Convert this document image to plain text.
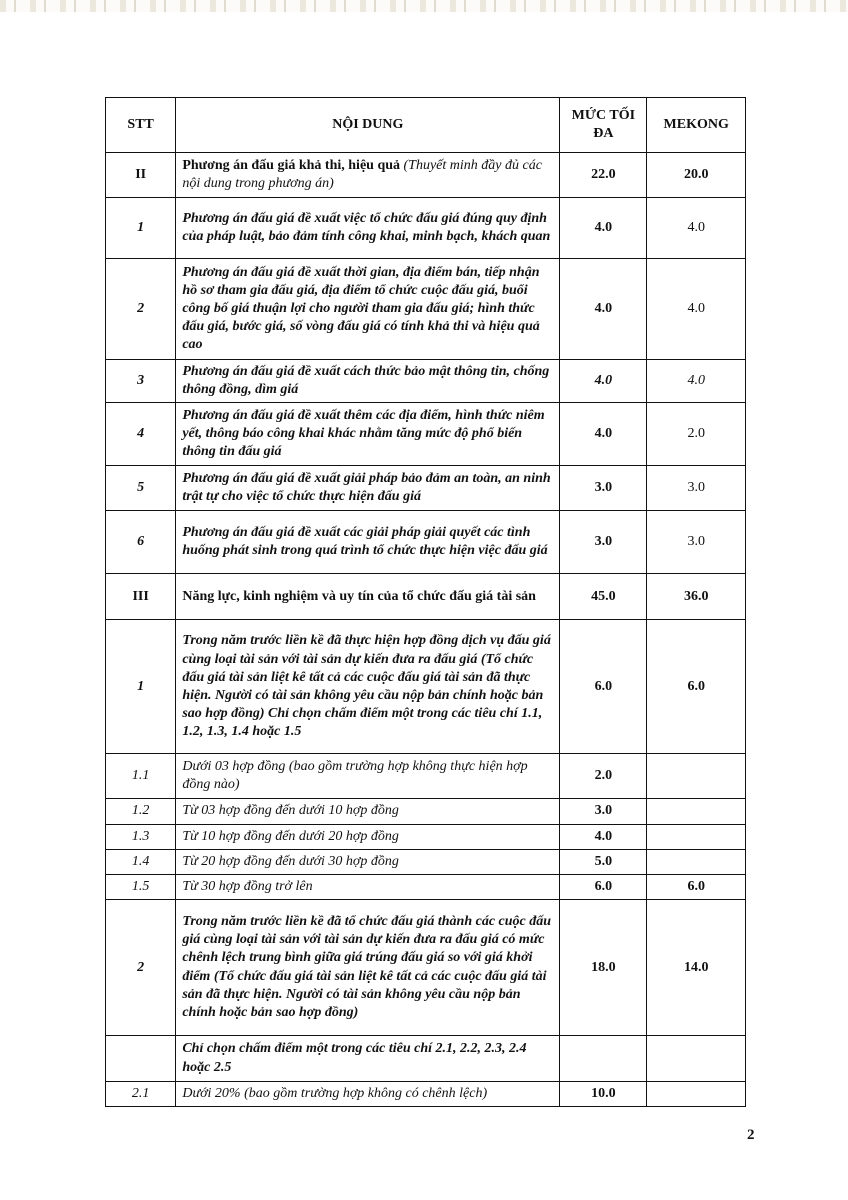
STT	NỘI DUNG	MỨC TỐI ĐA	MEKONG
II	Phương án đấu giá khả thi, hiệu quả (Thuyết minh đầy đủ các nội dung trong phương án)	22.0	20.0
1	Phương án đấu giá đề xuất việc tổ chức đấu giá đúng quy định của pháp luật, bảo đảm tính công khai, minh bạch, khách quan	4.0	4.0
2	Phương án đấu giá đề xuất thời gian, địa điểm bán, tiếp nhận hồ sơ tham gia đấu giá, địa điểm tổ chức cuộc đấu giá, buổi công bố giá thuận lợi cho người tham gia đấu giá; hình thức đấu giá, bước giá, số vòng đấu giá có tính khả thi và hiệu quả cao	4.0	4.0
3	Phương án đấu giá đề xuất cách thức bảo mật thông tin, chống thông đồng, dìm giá	4.0	4.0
4	Phương án đấu giá đề xuất thêm các địa điểm, hình thức niêm yết, thông báo công khai khác nhằm tăng mức độ phổ biến thông tin đấu giá	4.0	2.0
5	Phương án đấu giá đề xuất giải pháp bảo đảm an toàn, an ninh trật tự cho việc tổ chức thực hiện đấu giá	3.0	3.0
6	Phương án đấu giá đề xuất các giải pháp giải quyết các tình huống phát sinh trong quá trình tổ chức thực hiện việc đấu giá	3.0	3.0
III	Năng lực, kinh nghiệm và uy tín của tổ chức đấu giá tài sản	45.0	36.0
1	Trong năm trước liền kề đã thực hiện hợp đồng dịch vụ đấu giá cùng loại tài sản với tài sản dự kiến đưa ra đấu giá (Tổ chức đấu giá tài sản liệt kê tất cả các cuộc đấu giá tài sản đã thực hiện. Người có tài sản không yêu cầu nộp bản chính hoặc bản sao hợp đồng) Chỉ chọn chấm điểm một trong các tiêu chí 1.1, 1.2, 1.3, 1.4 hoặc 1.5	6.0	6.0
1.1	Dưới 03 hợp đồng (bao gồm trường hợp không thực hiện hợp đồng nào)	2.0	
1.2	Từ 03 hợp đồng đến dưới 10 hợp đồng	3.0	
1.3	Từ 10 hợp đồng đến dưới 20 hợp đồng	4.0	
1.4	Từ 20 hợp đồng đến dưới 30 hợp đồng	5.0	
1.5	Từ 30 hợp đồng trở lên	6.0	6.0
2	Trong năm trước liền kề đã tổ chức đấu giá thành các cuộc đấu giá cùng loại tài sản với tài sản dự kiến đưa ra đấu giá có mức chênh lệch trung bình giữa giá trúng đấu giá so với giá khởi điểm (Tổ chức đấu giá tài sản liệt kê tất cả các cuộc đấu giá tài sản đã thực hiện. Người có tài sản không yêu cầu nộp bản chính hoặc bản sao hợp đồng)	18.0	14.0
	Chỉ chọn chấm điểm một trong các tiêu chí 2.1, 2.2, 2.3, 2.4 hoặc 2.5		
2.1	Dưới 20% (bao gồm trường hợp không có chênh lệch)	10.0	
2
